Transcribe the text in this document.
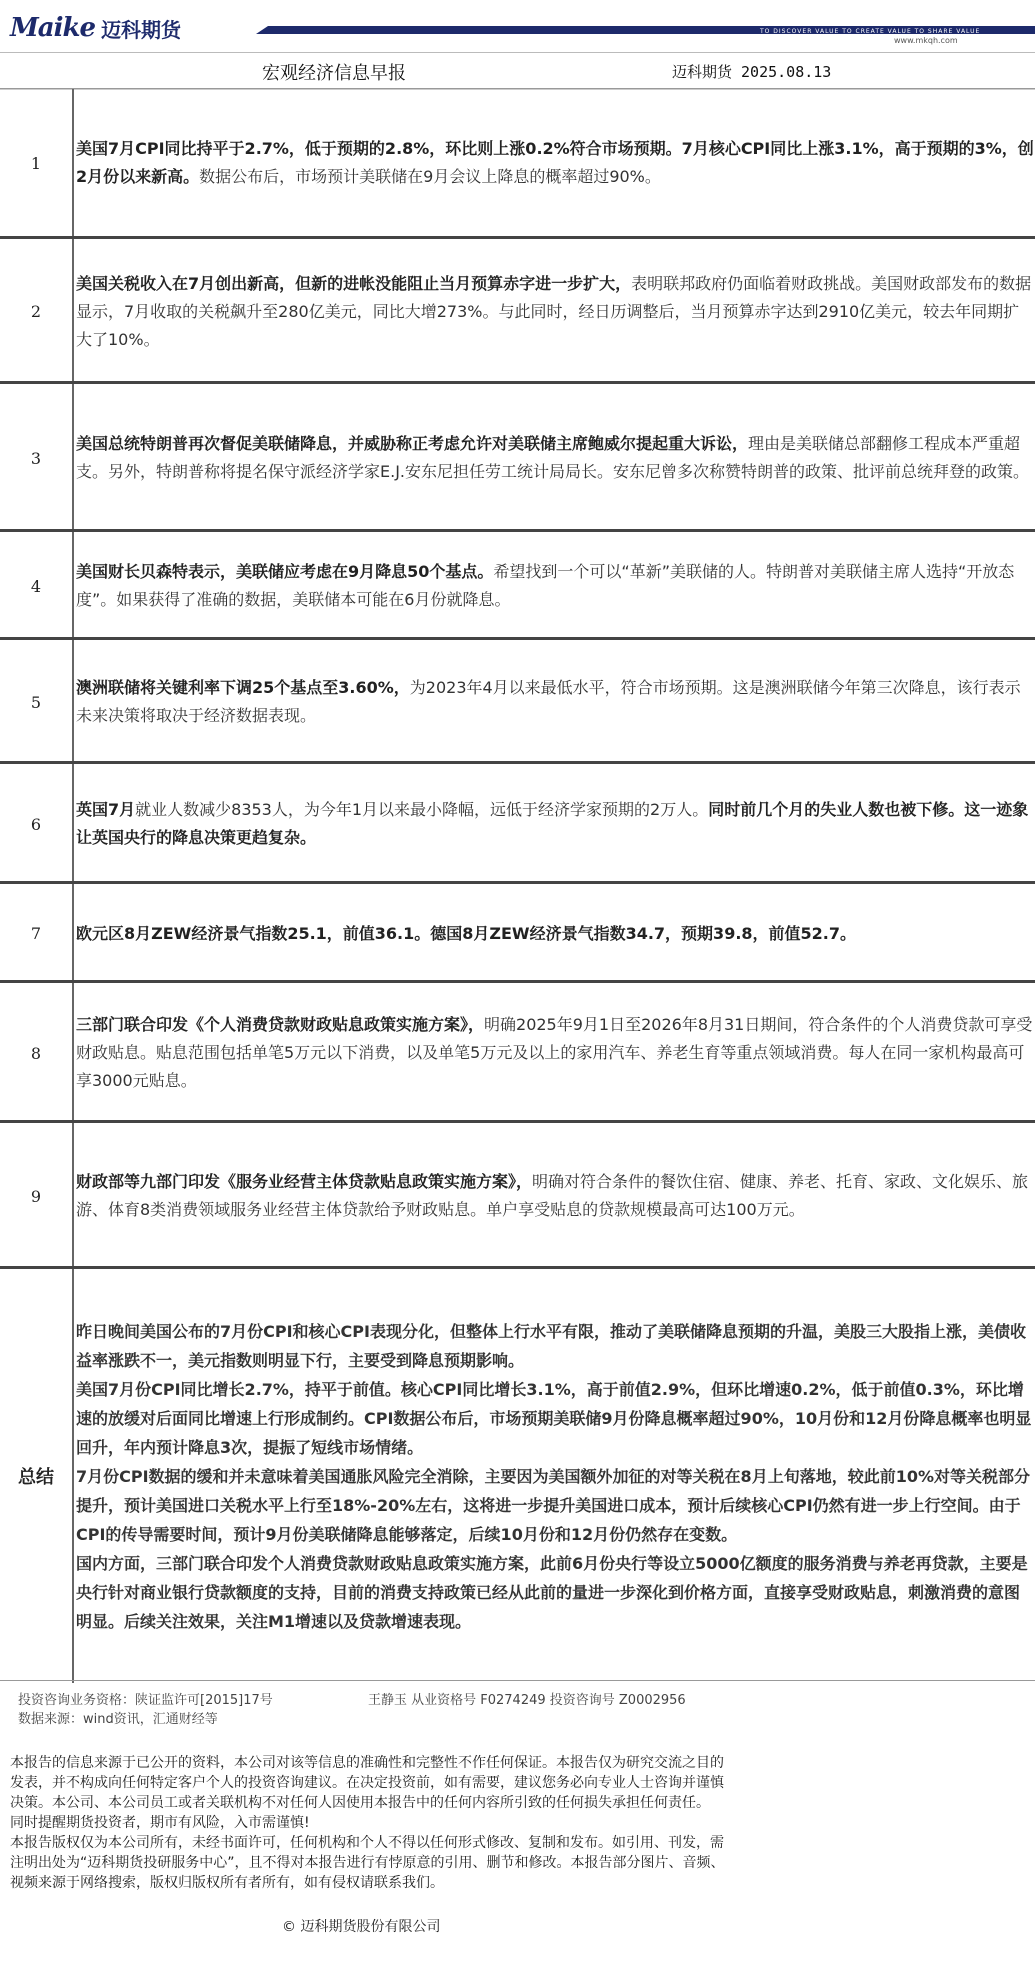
Maike 迈科期货	TO DISCOVER VALUE TO CREATE VALUE TO SHARE VALUE
www.mkqh.com
宏观经济信息早报	迈科期货 2025.08.13
1

美国7月CPI同比持平于2.7%，低于预期的2.8%，环比则上涨0.2%符合市场预期。7月核心CPI同比上涨3.1%，高于预期的3%，创2月份以来新高。数据公布后，市场预计美联储在9月会议上降息的概率超过90%。

2

美国关税收入在7月创出新高，但新的进帐没能阻止当月预算赤字进一步扩大，表明联邦政府仍面临着财政挑战。美国财政部发布的数据显示，7月收取的关税飙升至280亿美元，同比大增273%。与此同时，经日历调整后，当月预算赤字达到2910亿美元，较去年同期扩大了10%。

3

美国总统特朗普再次督促美联储降息，并威胁称正考虑允许对美联储主席鲍威尔提起重大诉讼，理由是美联储总部翻修工程成本严重超支。另外，特朗普称将提名保守派经济学家E.J.安东尼担任劳工统计局局长。安东尼曾多次称赞特朗普的政策、批评前总统拜登的政策。

4

美国财长贝森特表示，美联储应考虑在9月降息50个基点。希望找到一个可以“革新”美联储的人。特朗普对美联储主席人选持“开放态度”。如果获得了准确的数据，美联储本可能在6月份就降息。

5

澳洲联储将关键利率下调25个基点至3.60%，为2023年4月以来最低水平，符合市场预期。这是澳洲联储今年第三次降息，该行表示未来决策将取决于经济数据表现。

6

英国7月就业人数减少8353人，为今年1月以来最小降幅，远低于经济学家预期的2万人。同时前几个月的失业人数也被下修。这一迹象让英国央行的降息决策更趋复杂。

7	欧元区8月ZEW经济景气指数25.1，前值36.1。德国8月ZEW经济景气指数34.7，预期39.8，前值52.7。

8

三部门联合印发《个人消费贷款财政贴息政策实施方案》，明确2025年9月1日至2026年8月31日期间，符合条件的个人消费贷款可享受财政贴息。贴息范围包括单笔5万元以下消费，以及单笔5万元及以上的家用汽车、养老生育等重点领域消费。每人在同一家机构最高可享3000元贴息。

9

财政部等九部门印发《服务业经营主体贷款贴息政策实施方案》，明确对符合条件的餐饮住宿、健康、养老、托育、家政、文化娱乐、旅游、体育8类消费领域服务业经营主体贷款给予财政贴息。单户享受贴息的贷款规模最高可达100万元。

总结

昨日晚间美国公布的7月份CPI和核心CPI表现分化，但整体上行水平有限，推动了美联储降息预期的升温，美股三大股指上涨，美债收益率涨跌不一，美元指数则明显下行，主要受到降息预期影响。

美国7月份CPI同比增长2.7%，持平于前值。核心CPI同比增长3.1%，高于前值2.9%，但环比增速0.2%，低于前值0.3%，环比增速的放缓对后面同比增速上行形成制约。CPI数据公布后，市场预期美联储9月份降息概率超过90%，10月份和12月份降息概率也明显回升，年内预计降息3次，提振了短线市场情绪。

7月份CPI数据的缓和并未意味着美国通胀风险完全消除，主要因为美国额外加征的对等关税在8月上旬落地，较此前10%对等关税部分提升，预计美国进口关税水平上行至18%-20%左右，这将进一步提升美国进口成本，预计后续核心CPI仍然有进一步上行空间。由于CPI的传导需要时间，预计9月份美联储降息能够落定，后续10月份和12月份仍然存在变数。

国内方面，三部门联合印发个人消费贷款财政贴息政策实施方案，此前6月份央行等设立5000亿额度的服务消费与养老再贷款，主要是央行针对商业银行贷款额度的支持，目前的消费支持政策已经从此前的量进一步深化到价格方面，直接享受财政贴息，刺激消费的意图明显。后续关注效果，关注M1增速以及贷款增速表现。

投资咨询业务资格：陕证监许可[2015]17号	王静玉 从业资格号 F0274249 投资咨询号 Z0002956
数据来源：wind资讯，汇通财经等
本报告的信息来源于已公开的资料，本公司对该等信息的准确性和完整性不作任何保证。本报告仅为研究交流之目的发表，并不构成向任何特定客户个人的投资咨询建议。在决定投资前，如有需要，建议您务必向专业人士咨询并谨慎决策。本公司、本公司员工或者关联机构不对任何人因使用本报告中的任何内容所引致的任何损失承担任何责任。
同时提醒期货投资者，期市有风险，入市需谨慎!
本报告版权仅为本公司所有，未经书面许可，任何机构和个人不得以任何形式修改、复制和发布。如引用、刊发，需注明出处为“迈科期货投研服务中心”，且不得对本报告进行有悖原意的引用、删节和修改。本报告部分图片、音频、视频来源于网络搜索，版权归版权所有者所有，如有侵权请联系我们。
© 迈科期货股份有限公司
